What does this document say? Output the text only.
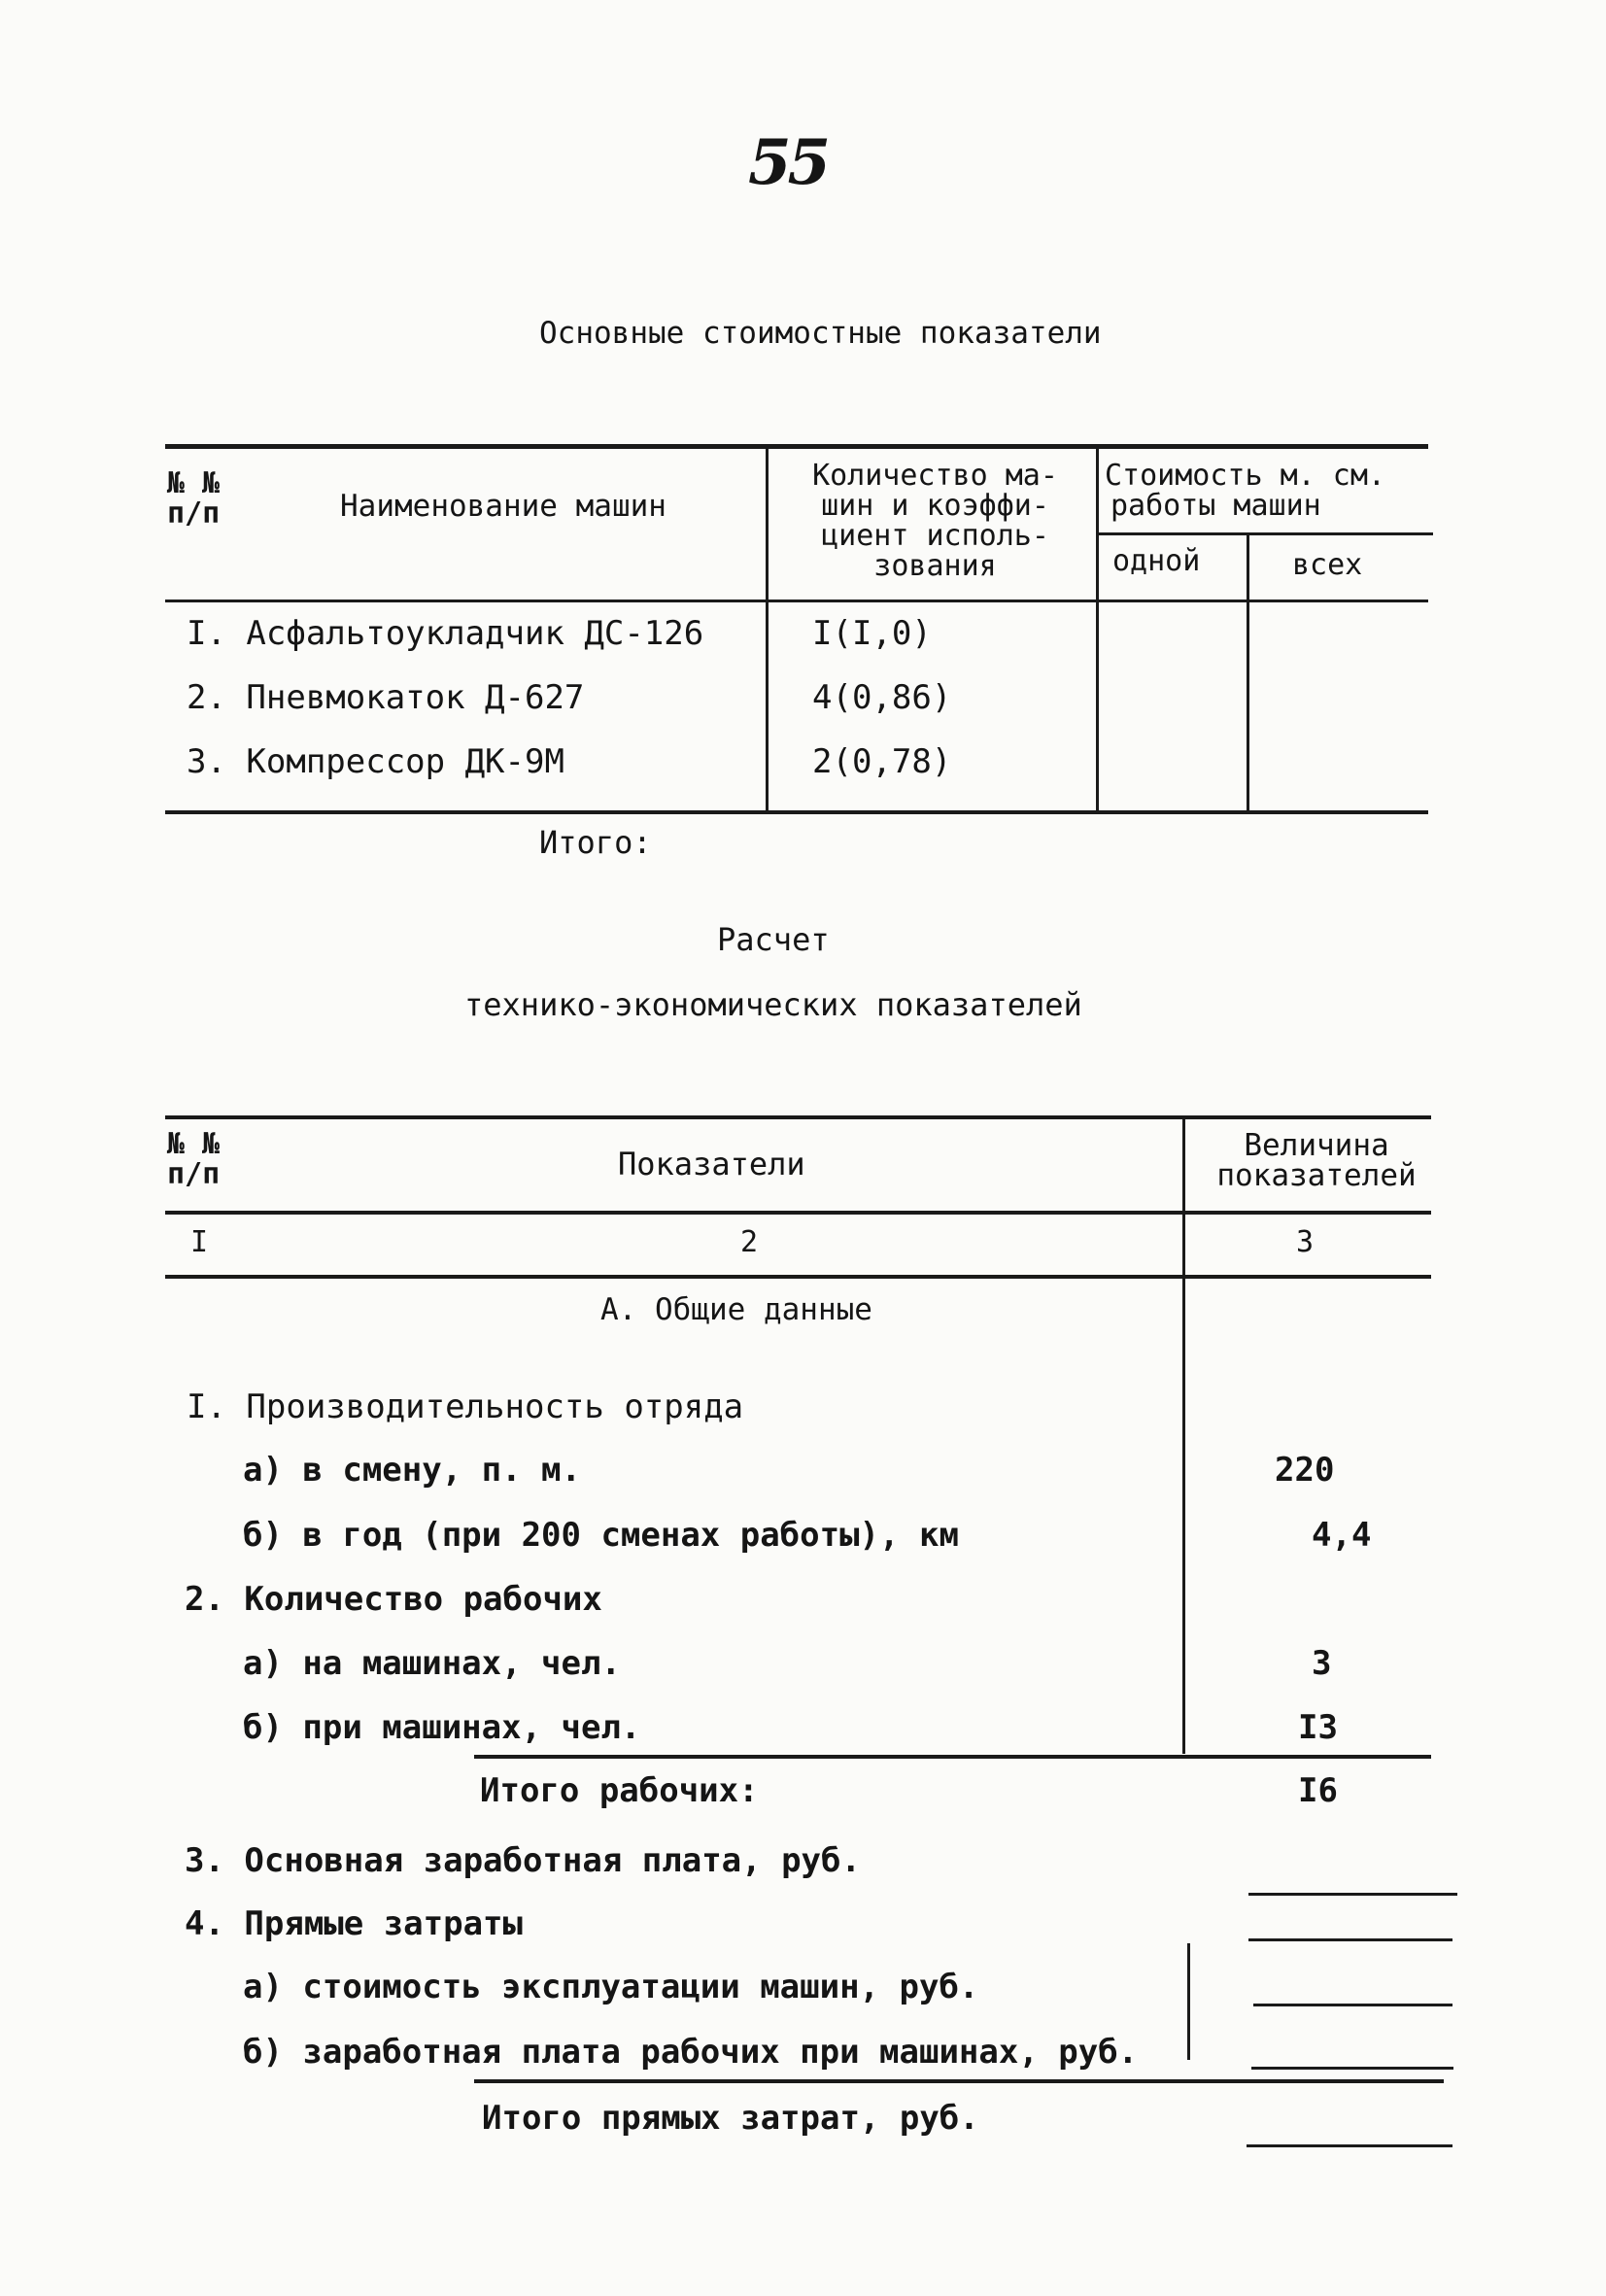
55
Основные стоимостные показатели
№ №
п/п	Наименование машин
Количество ма-
шин и коэффи-
циент исполь-
зования
Стоимость м. см.
работы машин
одной	всех
I. Асфальтоукладчик ДС-126	I(I,0)
2. Пневмокаток Д-627	4(0,86)
3. Компрессор ДК-9М	2(0,78)
Итого:
Расчет
технико-экономических показателей
№ №
п/п	Показатели	Величина
показателей
I	2	3
А. Общие данные
I. Производительность отряда
а) в смену, п. м.	220
б) в год (при 200 сменах работы), км	4,4
2. Количество рабочих
а) на машинах, чел.	3
б) при машинах, чел.	I3
Итого рабочих:	I6
3. Основная заработная плата, руб.
4. Прямые затраты
а) стоимость эксплуатации машин, руб.
б) заработная плата рабочих при машинах, руб.
Итого прямых затрат, руб.
